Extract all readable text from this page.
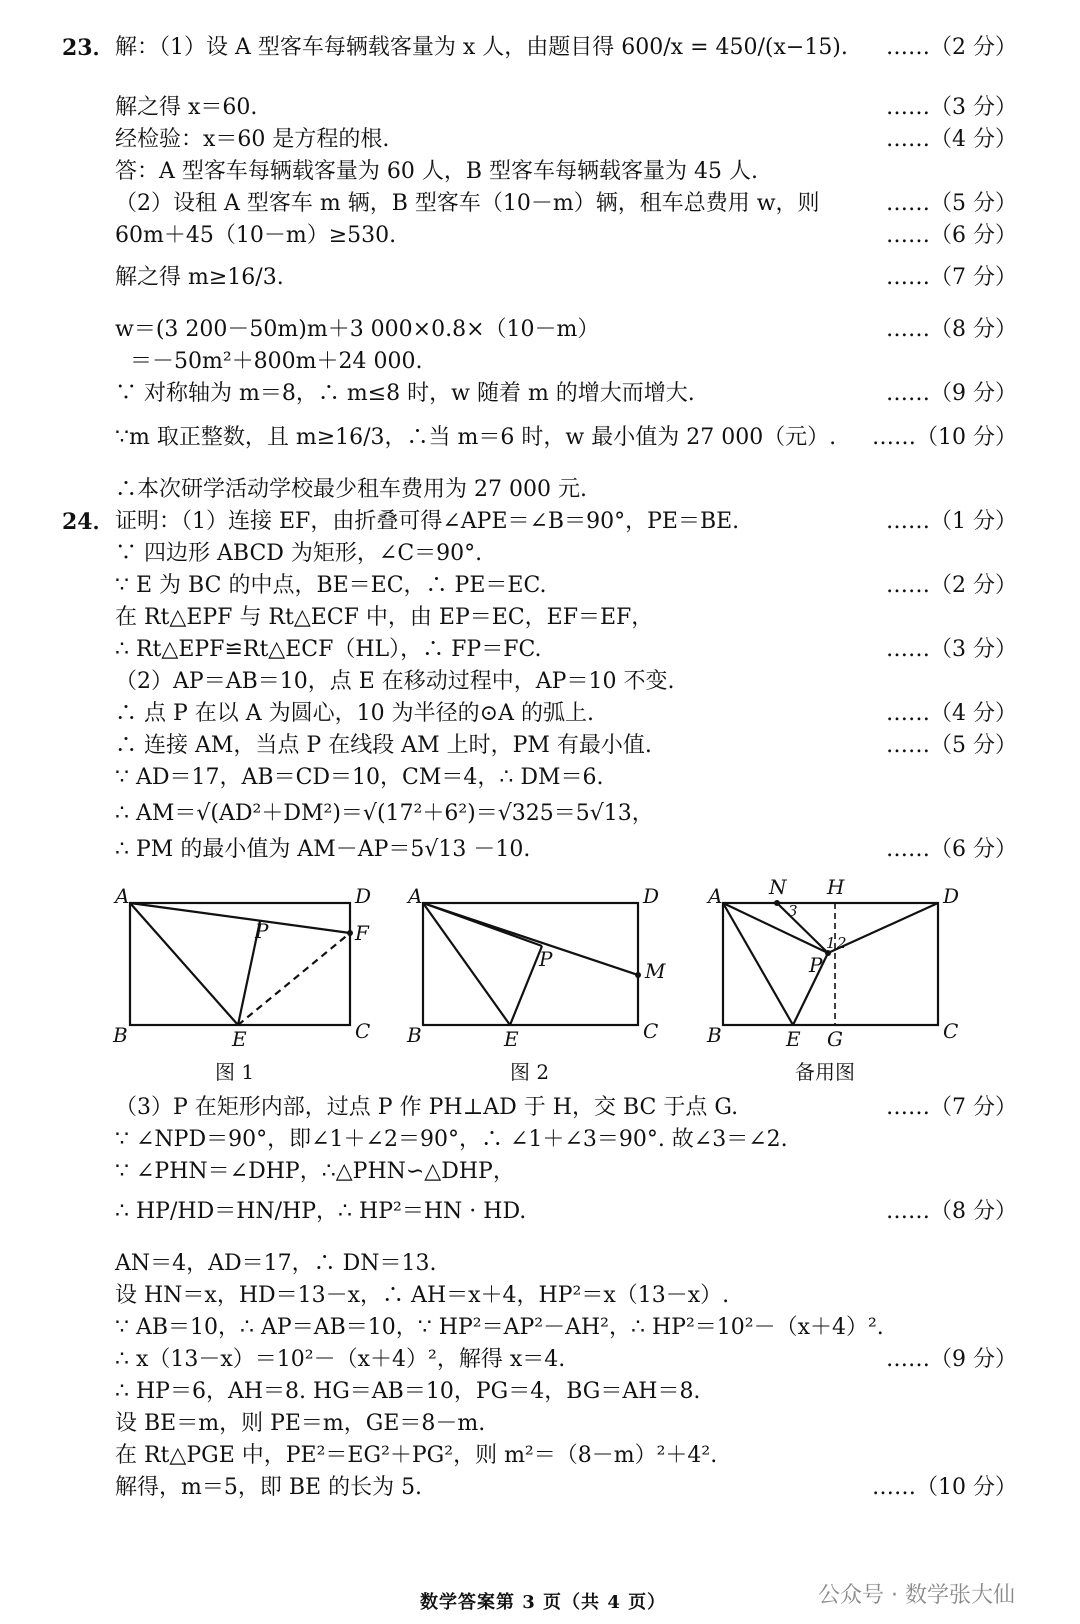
23． 解：（1）设 A 型客车每辆载客量为 x 人，由题目得 600/x = 450/(x−15). ……（2 分）
解之得 x＝60.	……（3 分）
经检验：x＝60 是方程的根.	……（4 分）
答：A 型客车每辆载客量为 60 人，B 型客车每辆载客量为 45 人.
（2）设租 A 型客车 m 辆，B 型客车（10－m）辆，租车总费用 w，则	……（5 分）
60m＋45（10－m）≥530.	……（6 分）
解之得 m≥16/3.	……（7 分）
w＝(3 200－50m)m＋3 000×0.8×（10－m）	……（8 分）
＝－50m²＋800m＋24 000.
∵ 对称轴为 m＝8，∴ m≤8 时，w 随着 m 的增大而增大.	……（9 分）
∵m 取正整数，且 m≥16/3，∴当 m＝6 时，w 最小值为 27 000（元）. ……（10 分）
∴本次研学活动学校最少租车费用为 27 000 元.
24． 证明：（1）连接 EF，由折叠可得∠APE＝∠B＝90°，PE＝BE.	……（1 分）
∵ 四边形 ABCD 为矩形，∠C＝90°.
∵ E 为 BC 的中点，BE＝EC，∴ PE＝EC.	……（2 分）
在 Rt△EPF 与 Rt△ECF 中，由 EP＝EC，EF＝EF，
∴ Rt△EPF≌Rt△ECF（HL），∴ FP＝FC.	……（3 分）
（2）AP＝AB＝10，点 E 在移动过程中，AP＝10 不变.
∴ 点 P 在以 A 为圆心，10 为半径的⊙A 的弧上.	……（4 分）
∴ 连接 AM，当点 P 在线段 AM 上时，PM 有最小值.	……（5 分）
∵ AD＝17，AB＝CD＝10，CM＝4，∴ DM＝6.
∴ AM＝√(AD²＋DM²)＝√(17²＋6²)＝√325＝5√13，
∴ PM 的最小值为 AM－AP＝5√13 －10.	……（6 分）
A	D
F
P
B	E	C
A	D
P	M
B	E	C
A N H	D
3
1 2
P
B	E G	C
图 1	图 2	备用图
（3）P 在矩形内部，过点 P 作 PH⊥AD 于 H，交 BC 于点 G.	……（7 分）
∵ ∠NPD＝90°，即∠1＋∠2＝90°，∴ ∠1＋∠3＝90°. 故∠3＝∠2.
∵ ∠PHN＝∠DHP，∴△PHN∽△DHP，
∴ HP/HD＝HN/HP，∴ HP²＝HN · HD.	……（8 分）
AN＝4，AD＝17，∴ DN＝13.
设 HN＝x，HD＝13－x，∴ AH＝x＋4，HP²＝x（13－x）.
∵ AB＝10，∴ AP＝AB＝10，∵ HP²＝AP²－AH²，∴ HP²＝10²－（x＋4）².
∴ x（13－x）＝10²－（x＋4）²，解得 x＝4.	……（9 分）
∴ HP＝6，AH＝8. HG＝AB＝10，PG＝4，BG＝AH＝8.
设 BE＝m，则 PE＝m，GE＝8－m.
在 Rt△PGE 中，PE²＝EG²＋PG²，则 m²＝（8－m）²＋4².
解得，m＝5，即 BE 的长为 5.	……（10 分）
数学答案第 3 页（共 4 页）	公众号 · 数学张大仙
